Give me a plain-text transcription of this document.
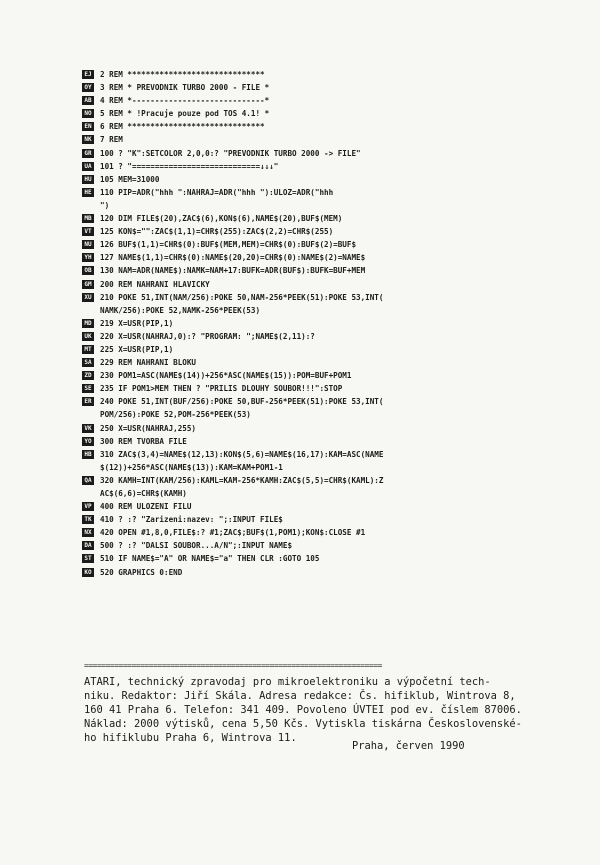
EJ	2 REM ******************************
OY	3 REM * PREVODNIK TURBO 2000 - FILE *
AB	4 REM *-----------------------------*
NO	5 REM * !Pracuje pouze pod TOS 4.1! *
EN	6 REM ******************************
NK	7 REM
GR	100 ? "K":SETCOLOR 2,0,0:? "PREVODNIK TURBO 2000 -> FILE"
UA	101 ? "============================↓↓↓"
HU	105 MEM=31000
HE	110 PIP=ADR("hhh ":NAHRAJ=ADR("hhh "):ULOZ=ADR("hhh
")
MB	120 DIM FILE$(20),ZAC$(6),KON$(6),NAME$(20),BUF$(MEM)
VT	125 KON$="":ZAC$(1,1)=CHR$(255):ZAC$(2,2)=CHR$(255)
NU	126 BUF$(1,1)=CHR$(0):BUF$(MEM,MEM)=CHR$(0):BUF$(2)=BUF$
YH	127 NAME$(1,1)=CHR$(0):NAME$(20,20)=CHR$(0):NAME$(2)=NAME$
OB	130 NAM=ADR(NAME$):NAMK=NAM+17:BUFK=ADR(BUF$):BUFK=BUF+MEM
GM	200 REM NAHRANI HLAVICKY
XU	210 POKE 51,INT(NAM/256):POKE 50,NAM-256*PEEK(51):POKE 53,INT(
NAMK/256):POKE 52,NAMK-256*PEEK(53)
MD	219 X=USR(PIP,1)
UK	220 X=USR(NAHRAJ,0):? "PROGRAM: ";NAME$(2,11):?
MT	225 X=USR(PIP,1)
SA	229 REM NAHRANI BLOKU
ZD	230 POM1=ASC(NAME$(14))+256*ASC(NAME$(15)):POM=BUF+POM1
SE	235 IF POM1>MEM THEN ? "PRILIS DLOUHY SOUBOR!!!":STOP
ER	240 POKE 51,INT(BUF/256):POKE 50,BUF-256*PEEK(51):POKE 53,INT(
POM/256):POKE 52,POM-256*PEEK(53)
VK	250 X=USR(NAHRAJ,255)
YO	300 REM TVORBA FILE
HB	310 ZAC$(3,4)=NAME$(12,13):KON$(5,6)=NAME$(16,17):KAM=ASC(NAME
$(12))+256*ASC(NAME$(13)):KAM=KAM+POM1-1
QA	320 KAMH=INT(KAM/256):KAML=KAM-256*KAMH:ZAC$(5,5)=CHR$(KAML):Z
AC$(6,6)=CHR$(KAMH)
VP	400 REM ULOZENI FILU
TK	410 ? :? "Zarizeni:nazev: ";:INPUT FILE$
NX	420 OPEN #1,8,0,FILE$:? #1;ZAC$;BUF$(1,POM1);KON$:CLOSE #1
DA	500 ? :? "DALSI SOUBOR...A/N";:INPUT NAME$
ST	510 IF NAME$="A" OR NAME$="a" THEN CLR :GOTO 105
KO	520 GRAPHICS 0:END
=====================================================================
ATARI, technický zpravodaj pro mikroelektroniku a výpočetní tech-
niku. Redaktor: Jiří Skála. Adresa redakce: Čs. hifiklub, Wintrova 8,
160 41 Praha 6. Telefon: 341 409. Povoleno ÚVTEI pod ev. číslem 87006.
Náklad: 2000 výtisků, cena 5,50 Kčs. Vytiskla tiskárna Československé-
ho hifiklubu Praha 6, Wintrova 11.
Praha, červen 1990
